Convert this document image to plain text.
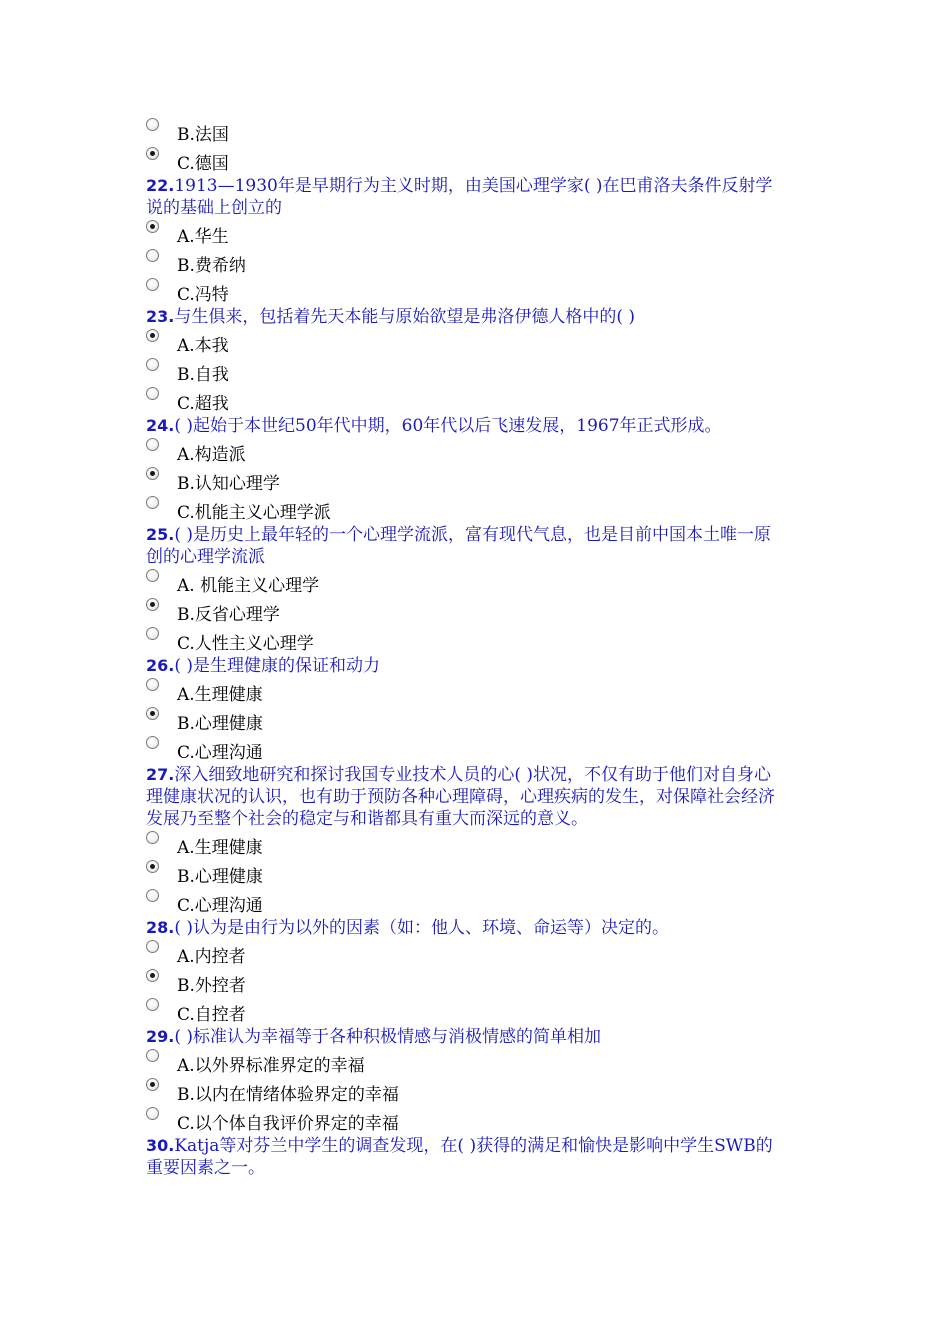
B.法国
C.德国
22.1913—1930年是早期行为主义时期，由美国心理学家( )在巴甫洛夫条件反射学说的基础上创立的
A.华生
B.费希纳
C.冯特
23.与生俱来，包括着先天本能与原始欲望是弗洛伊德人格中的( )
A.本我
B.自我
C.超我
24.( )起始于本世纪50年代中期，60年代以后飞速发展，1967年正式形成。
A.构造派
B.认知心理学
C.机能主义心理学派
25.( )是历史上最年轻的一个心理学流派，富有现代气息，也是目前中国本土唯一原创的心理学流派
A. 机能主义心理学
B.反省心理学
C.人性主义心理学
26.( )是生理健康的保证和动力
A.生理健康
B.心理健康
C.心理沟通
27.深入细致地研究和探讨我国专业技术人员的心( )状况，不仅有助于他们对自身心理健康状况的认识，也有助于预防各种心理障碍，心理疾病的发生，对保障社会经济发展乃至整个社会的稳定与和谐都具有重大而深远的意义。
A.生理健康
B.心理健康
C.心理沟通
28.( )认为是由行为以外的因素（如：他人、环境、命运等）决定的。
A.内控者
B.外控者
C.自控者
29.( )标准认为幸福等于各种积极情感与消极情感的简单相加
A.以外界标准界定的幸福
B.以内在情绪体验界定的幸福
C.以个体自我评价界定的幸福
30.Katja等对芬兰中学生的调查发现，在( )获得的满足和愉快是影响中学生SWB的重要因素之一。
